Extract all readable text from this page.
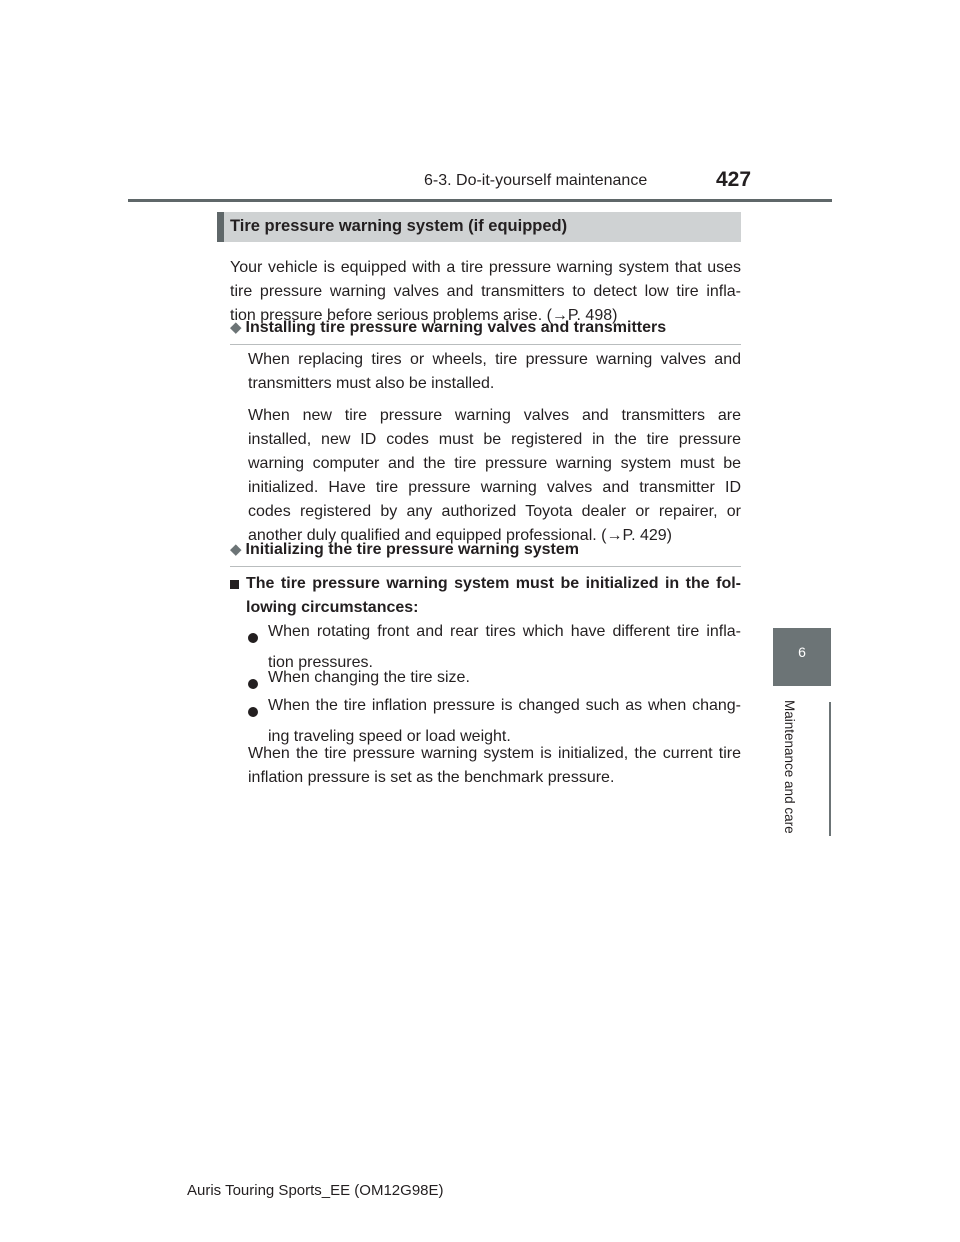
6-3. Do-it-yourself maintenance	427
6
Maintenance and care
Tire pressure warning system (if equipped)
Your vehicle is equipped with a tire pressure warning system that uses
tire pressure warning valves and transmitters to detect low tire infla-
tion pressure before serious problems arise. (→P. 498)
◆ Installing tire pressure warning valves and transmitters
When replacing tires or wheels, tire pressure warning valves and
transmitters must also be installed.
When new tire pressure warning valves and transmitters are
installed, new ID codes must be registered in the tire pressure
warning computer and the tire pressure warning system must be
initialized. Have tire pressure warning valves and transmitter ID
codes registered by any authorized Toyota dealer or repairer, or
another duly qualified and equipped professional. (→P. 429)
◆ Initializing the tire pressure warning system
The tire pressure warning system must be initialized in the fol-
lowing circumstances:
When rotating front and rear tires which have different tire infla-
tion pressures.
When changing the tire size.
When the tire inflation pressure is changed such as when chang-
ing traveling speed or load weight.
When the tire pressure warning system is initialized, the current tire
inflation pressure is set as the benchmark pressure.
Auris Touring Sports_EE (OM12G98E)
